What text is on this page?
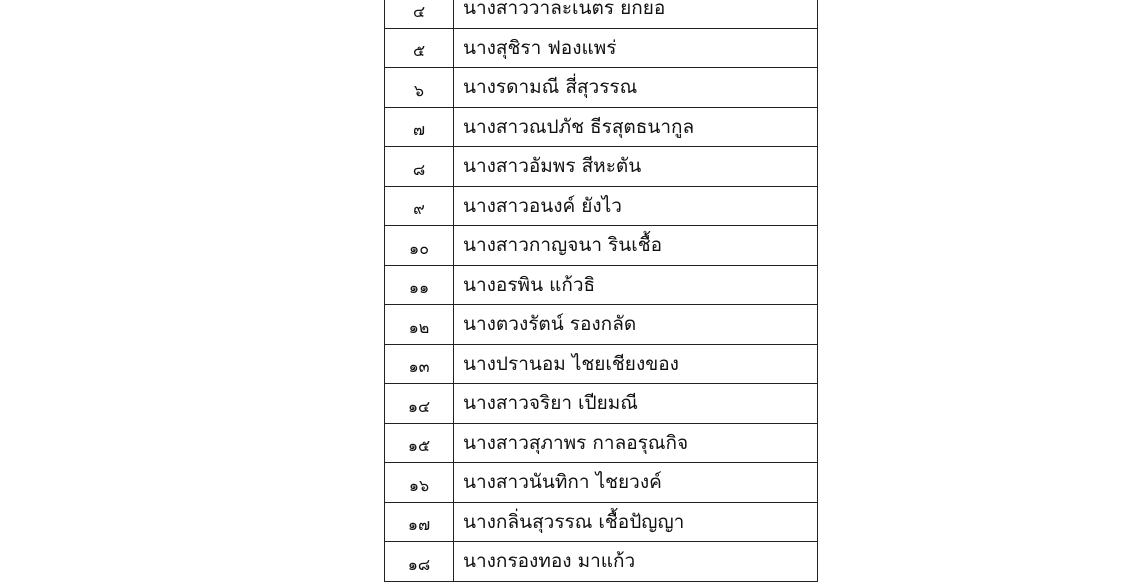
๔	นางสาววาละเนตร ยกยอ
๕	นางสุชิรา ฟองแพร่
๖	นางรดามณี สี่สุวรรณ
๗	นางสาวณปภัช ธีรสุตธนากูล
๘	นางสาวอัมพร สีหะตัน
๙	นางสาวอนงค์ ยังไว
๑๐	นางสาวกาญจนา รินเชื้อ
๑๑	นางอรพิน แก้วธิ
๑๒	นางตวงรัตน์ รองกลัด
๑๓	นางปรานอม ไชยเชียงของ
๑๔	นางสาวจริยา เปียมณี
๑๕	นางสาวสุภาพร กาลอรุณกิจ
๑๖	นางสาวนันทิกา ไชยวงค์
๑๗	นางกลิ่นสุวรรณ เชื้อปัญญา
๑๘	นางกรองทอง มาแก้ว
